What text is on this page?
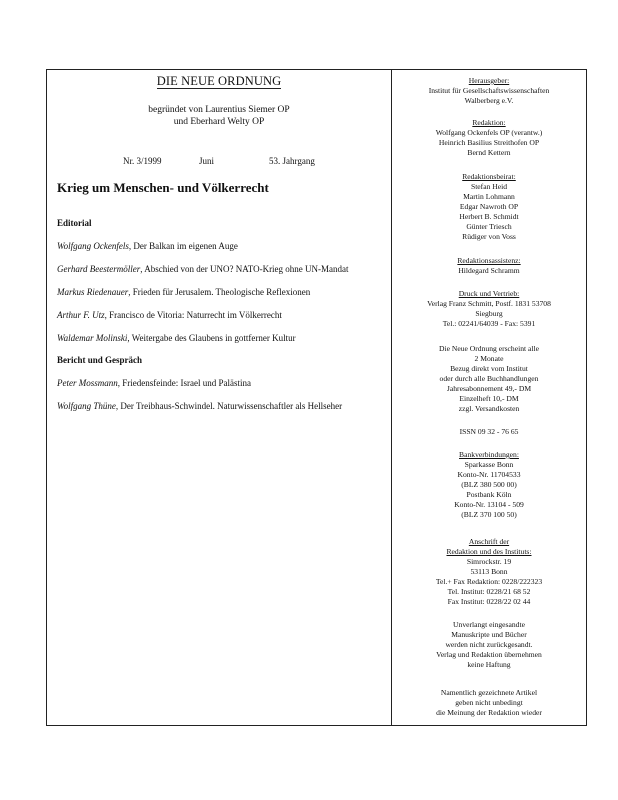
DIE NEUE ORDNUNG
begründet von Laurentius Siemer OP
und Eberhard Welty OP
Nr. 3/1999	Juni	53. Jahrgang
Krieg um Menschen- und Völkerrecht
Editorial
Wolfgang Ockenfels, Der Balkan im eigenen Auge
Gerhard Beestermöller, Abschied von der UNO? NATO-Krieg ohne UN-Mandat
Markus Riedenauer, Frieden für Jerusalem. Theologische Reflexionen
Arthur F. Utz, Francisco de Vitoria: Naturrecht im Völkerrecht
Waldemar Molinski, Weitergabe des Glaubens in gottferner Kultur
Bericht und Gespräch
Peter Mossmann, Friedensfeinde: Israel und Palästina
Wolfgang Thüne, Der Treibhaus-Schwindel. Naturwissenschaftler als Hellseher
Herausgeber:
Institut für Gesellschaftswissenschaften
Walberberg e.V.
Redaktion:
Wolfgang Ockenfels OP (verantw.)
Heinrich Basilius Streithofen OP
Bernd Kettern
Redaktionsbeirat:
Stefan Heid
Martin Lohmann
Edgar Nawroth OP
Herbert B. Schmidt
Günter Triesch
Rüdiger von Voss
Redaktionsassistenz:
Hildegard Schramm
Druck und Vertrieb:
Verlag Franz Schmitt, Postf. 1831 53708
Siegburg
Tel.: 02241/64039 - Fax: 5391
Die Neue Ordnung erscheint alle
2 Monate
Bezug direkt vom Institut
oder durch alle Buchhandlungen
Jahresabonnement 49,- DM
Einzelheft 10,- DM
zzgl. Versandkosten
ISSN 09 32 - 76 65
Bankverbindungen:
Sparkasse Bonn
Konto-Nr. 11704533
(BLZ 380 500 00)
Postbank Köln
Konto-Nr. 13104 - 509
(BLZ 370 100 50)
Anschrift der
Redaktion und des Instituts:
Simrockstr. 19
53113 Bonn
Tel.+ Fax Redaktion: 0228/222323
Tel. Institut: 0228/21 68 52
Fax Institut: 0228/22 02 44
Unverlangt eingesandte
Manuskripte und Bücher
werden nicht zurückgesandt.
Verlag und Redaktion übernehmen
keine Haftung
Namentlich gezeichnete Artikel
geben nicht unbedingt
die Meinung der Redaktion wieder
